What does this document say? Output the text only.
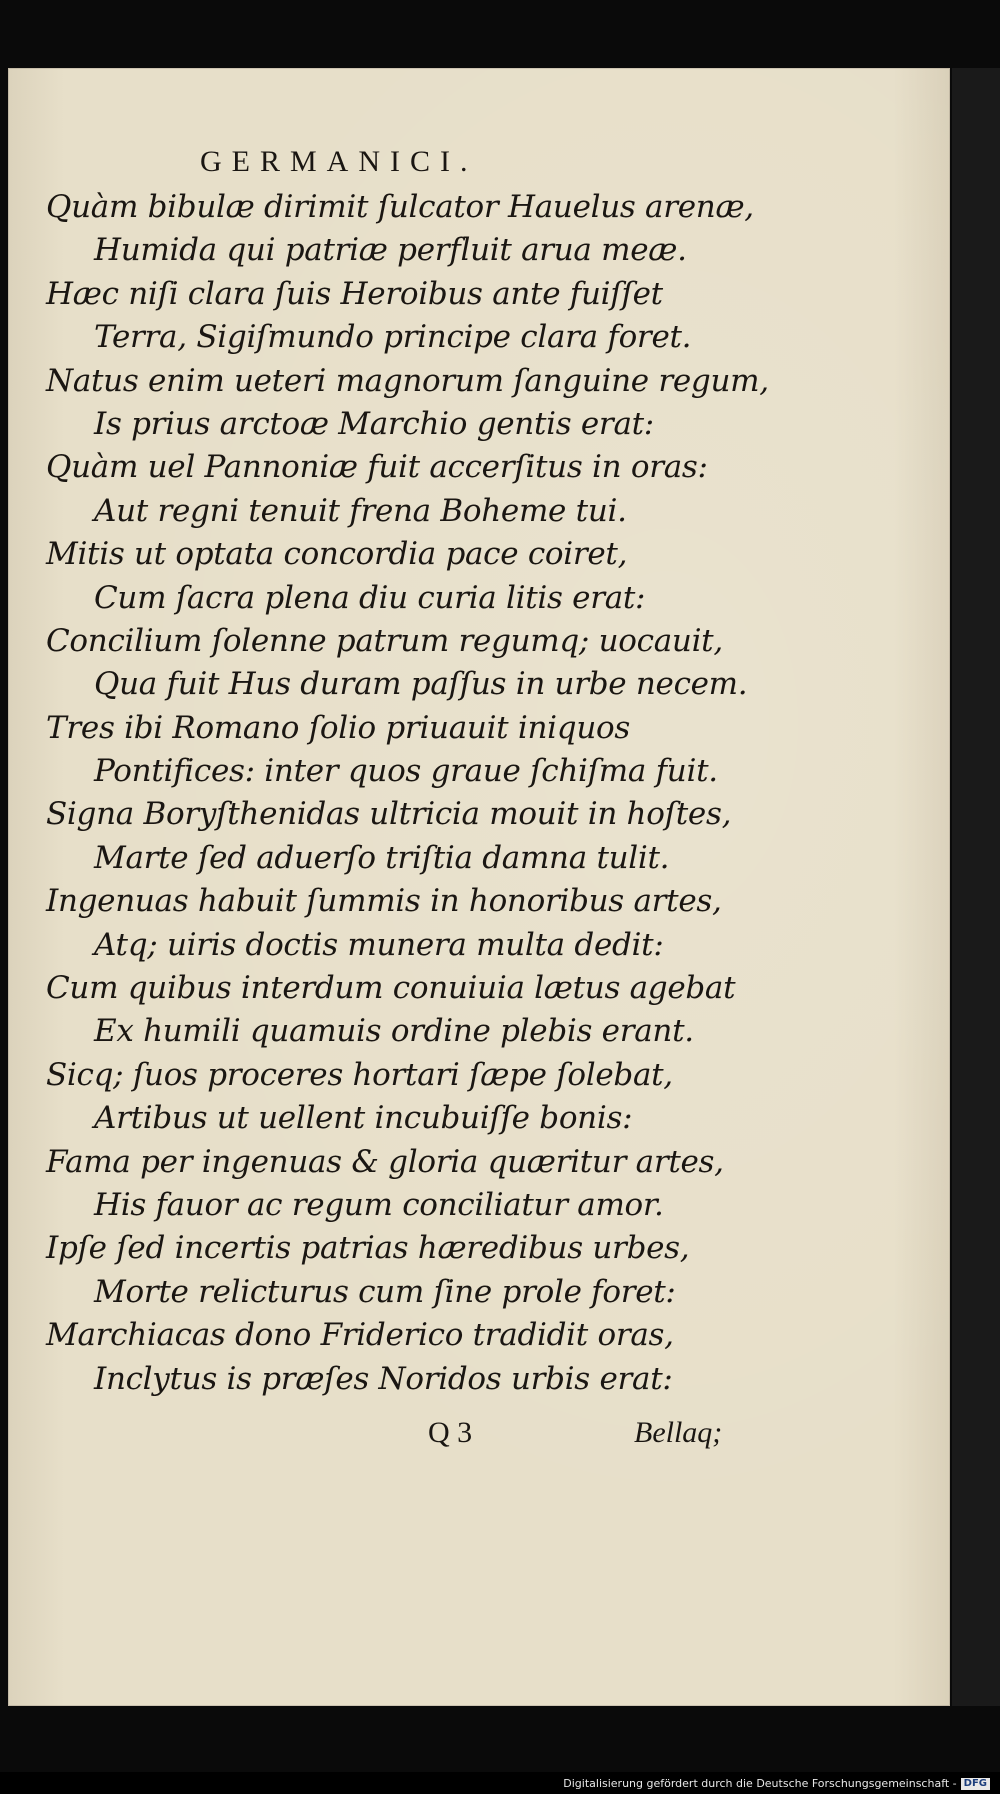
GERMANICI.
Quàm bibulæ dirimit ſulcator Hauelus arenæ,
Humida qui patriæ perfluit arua meæ.
Hæc niſi clara ſuis Heroibus ante fuiſſet
Terra, Sigiſmundo principe clara foret.
Natus enim ueteri magnorum ſanguine regum,
Is prius arctoæ Marchio gentis erat:
Quàm uel Pannoniæ fuit accerſitus in oras:
Aut regni tenuit frena Boheme tui.
Mitis ut optata concordia pace coiret,
Cum ſacra plena diu curia litis erat:
Concilium ſolenne patrum regumq; uocauit,
Qua fuit Hus duram paſſus in urbe necem.
Tres ibi Romano ſolio priuauit iniquos
Pontifices: inter quos graue ſchiſma fuit.
Signa Boryſthenidas ultricia mouit in hoſtes,
Marte ſed aduerſo triſtia damna tulit.
Ingenuas habuit ſummis in honoribus artes,
Atq; uiris doctis munera multa dedit:
Cum quibus interdum conuiuia lætus agebat
Ex humili quamuis ordine plebis erant.
Sicq; ſuos proceres hortari ſæpe ſolebat,
Artibus ut uellent incubuiſſe bonis:
Fama per ingenuas & gloria quæritur artes,
His fauor ac regum conciliatur amor.
Ipſe ſed incertis patrias hæredibus urbes,
Morte relicturus cum ſine prole foret:
Marchiacas dono Friderico tradidit oras,
Inclytus is præſes Noridos urbis erat:
Q 3	Bellaq;
Digitalisierung gefördert durch die Deutsche Forschungsgemeinschaft - DFG
